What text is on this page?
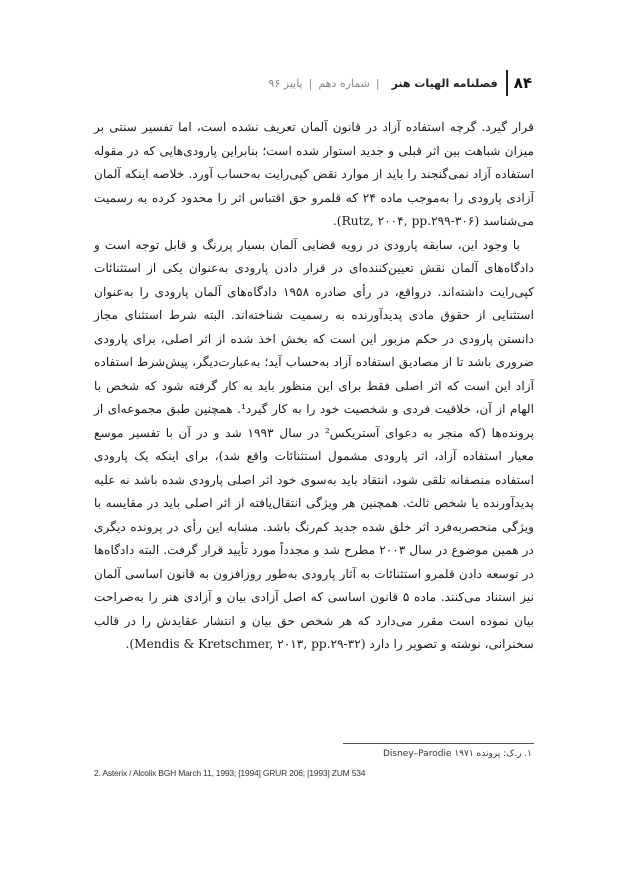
۸۴
فصلنامه الهیات هنر
|
شماره دهم
|
پاییز ۹۶

قرار گیرد. گرچه استفاده آزاد در قانون آلمان تعریف نشده است، اما تفسیر سنتی بر میزان شباهت بین اثر قبلی و جدید استوار شده است؛ بنابراین پارودی‌هایی که در مقوله استفاده آزاد نمی‌گنجند را باید از موارد نقض کپی‌رایت به‌حساب آورد. خلاصه اینکه آلمان آزادی پارودی را به‌موجب ماده ۲۴ که قلمرو حق اقتباس اثر را محدود کرده به رسمیت می‌شناسد (Rutz, ۲۰۰۴, pp.۲۹۹-۳۰۶).

با وجود این، سابقه پارودی در رویه قضایی آلمان بسیار پررنگ و قابل توجه است و دادگاه‌های آلمان نقش تعیین‌کننده‌ای در قرار دادن پارودی به‌عنوان یکی از استثنائات کپی‌رایت داشته‌اند. درواقع، در رأی صادره ۱۹۵۸ دادگاه‌های آلمان پارودی را به‌عنوان استثنایی از حقوق مادی پدیدآورنده به رسمیت شناخته‌اند. البته شرط استثنای مجاز دانستن پارودی در حکم مزبور این است که بخش اخذ شده از اثر اصلی، برای پارودی ضروری باشد تا از مصادیق استفاده آزاد به‌حساب آید؛ به‌عبارت‌دیگر، پیش‌شرط استفاده آزاد این است که اثر اصلی فقط برای این منظور باید به کار گرفته شود که شخص با الهام از آن، خلاقیت فردی و شخصیت خود را به کار گیرد¹. همچنین طبق مجموعه‌ای از پرونده‌ها (که منجر به دعوای آستریکس² در سال ۱۹۹۳ شد و در آن با تفسیر موسع معیار استفاده آزاد، اثر پارودی مشمول استثنائات واقع شد)، برای اینکه یک پارودی استفاده منصفانه تلقی شود، انتقاد باید به‌سوی خود اثر اصلی پارودی شده باشد نه علیه پدیدآورنده یا شخص ثالث. همچنین هر ویژگی انتقال‌یافته از اثر اصلی باید در مقایسه با ویژگی منحصربه‌فرد اثر خلق شده جدید کم‌رنگ باشد. مشابه این رأی در پرونده دیگری در همین موضوع در سال ۲۰۰۳ مطرح شد و مجدداً مورد تأیید قرار گرفت. البته دادگاه‌ها در توسعه دادن قلمرو استثنائات به آثار پارودی به‌طور روزافزون به قانون اساسی آلمان نیز استناد می‌کنند. ماده ۵ قانون اساسی که اصل آزادی بیان و آزادی هنر را به‌صراحت بیان نموده است مقرر می‌دارد که هر شخص حق بیان و انتشار عقایدش را در قالب سخنرانی، نوشته و تصویر را دارد (Mendis & Kretschmer, ۲۰۱۳, pp.۲۹-۳۲).

۱. ر.ک: پرونده Disney–Parodie ۱۹۷۱
2. Asterix / Alcolix BGH March 11, 1993; [1994] GRUR 206; [1993] ZUM 534
